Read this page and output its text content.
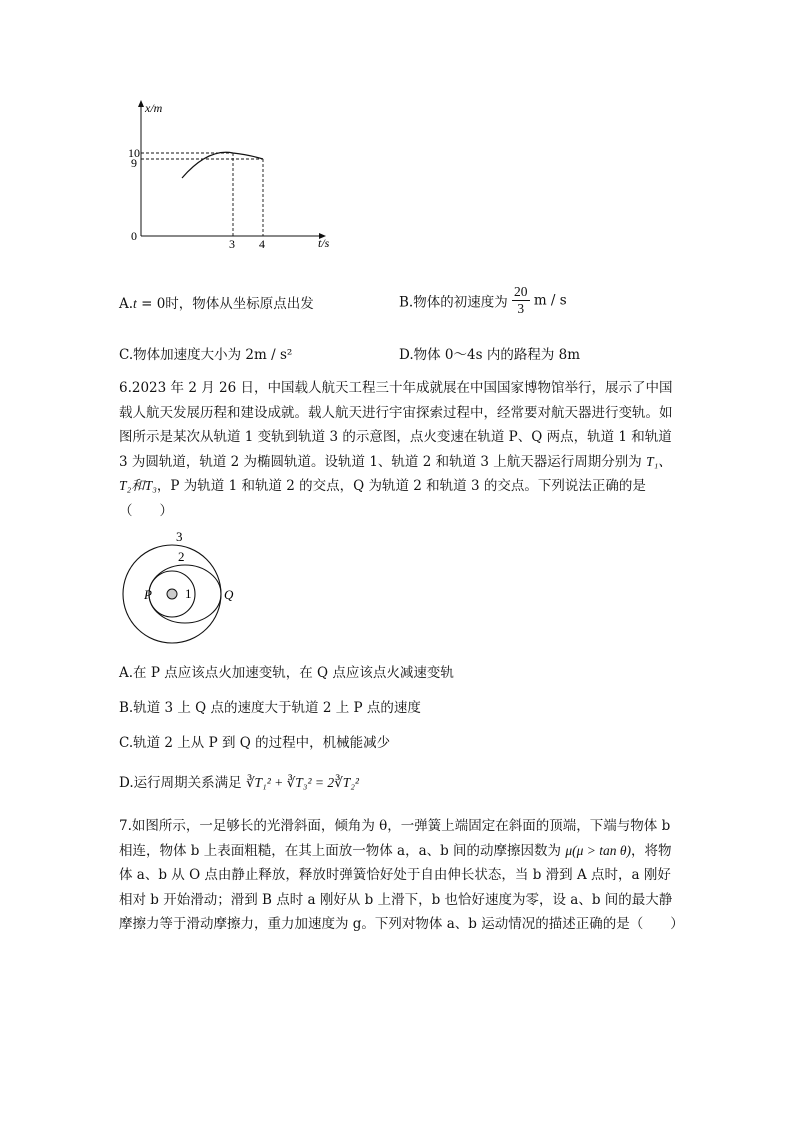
x/m
t/s
10
9
0
3 4
A.t = 0时，物体从坐标原点出发	B.物体的初速度为 $\frac{20}{3}$ m / s
C.物体加速度大小为 2m / s²	D.物体 0～4s 内的路程为 8m
6.2023 年 2 月 26 日，中国载人航天工程三十年成就展在中国国家博物馆举行，展示了中国载人航天发展历程和建设成就。载人航天进行宇宙探索过程中，经常要对航天器进行变轨。如图所示是某次从轨道 1 变轨到轨道 3 的示意图，点火变速在轨道 P、Q 两点，轨道 1 和轨道 3 为圆轨道，轨道 2 为椭圆轨道。设轨道 1、轨道 2 和轨道 3 上航天器运行周期分别为 T₁、T₂和T₃，P 为轨道 1 和轨道 2 的交点，Q 为轨道 2 和轨道 3 的交点。下列说法正确的是（　　）
3
2
1
P	Q
A.在 P 点应该点火加速变轨，在 Q 点应该点火减速变轨
B.轨道 3 上 Q 点的速度大于轨道 2 上 P 点的速度
C.轨道 2 上从 P 到 Q 的过程中，机械能减少
D.运行周期关系满足 ∛T₁² + ∛T₃² = 2∛T₂²
7.如图所示，一足够长的光滑斜面，倾角为 θ，一弹簧上端固定在斜面的顶端，下端与物体 b 相连，物体 b 上表面粗糙，在其上面放一物体 a，a、b 间的动摩擦因数为 μ(μ > tan θ)，将物体 a、b 从 O 点由静止释放，释放时弹簧恰好处于自由伸长状态，当 b 滑到 A 点时，a 刚好相对 b 开始滑动；滑到 B 点时 a 刚好从 b 上滑下，b 也恰好速度为零，设 a、b 间的最大静摩擦力等于滑动摩擦力，重力加速度为 g。下列对物体 a、b 运动情况的描述正确的是（　　）
